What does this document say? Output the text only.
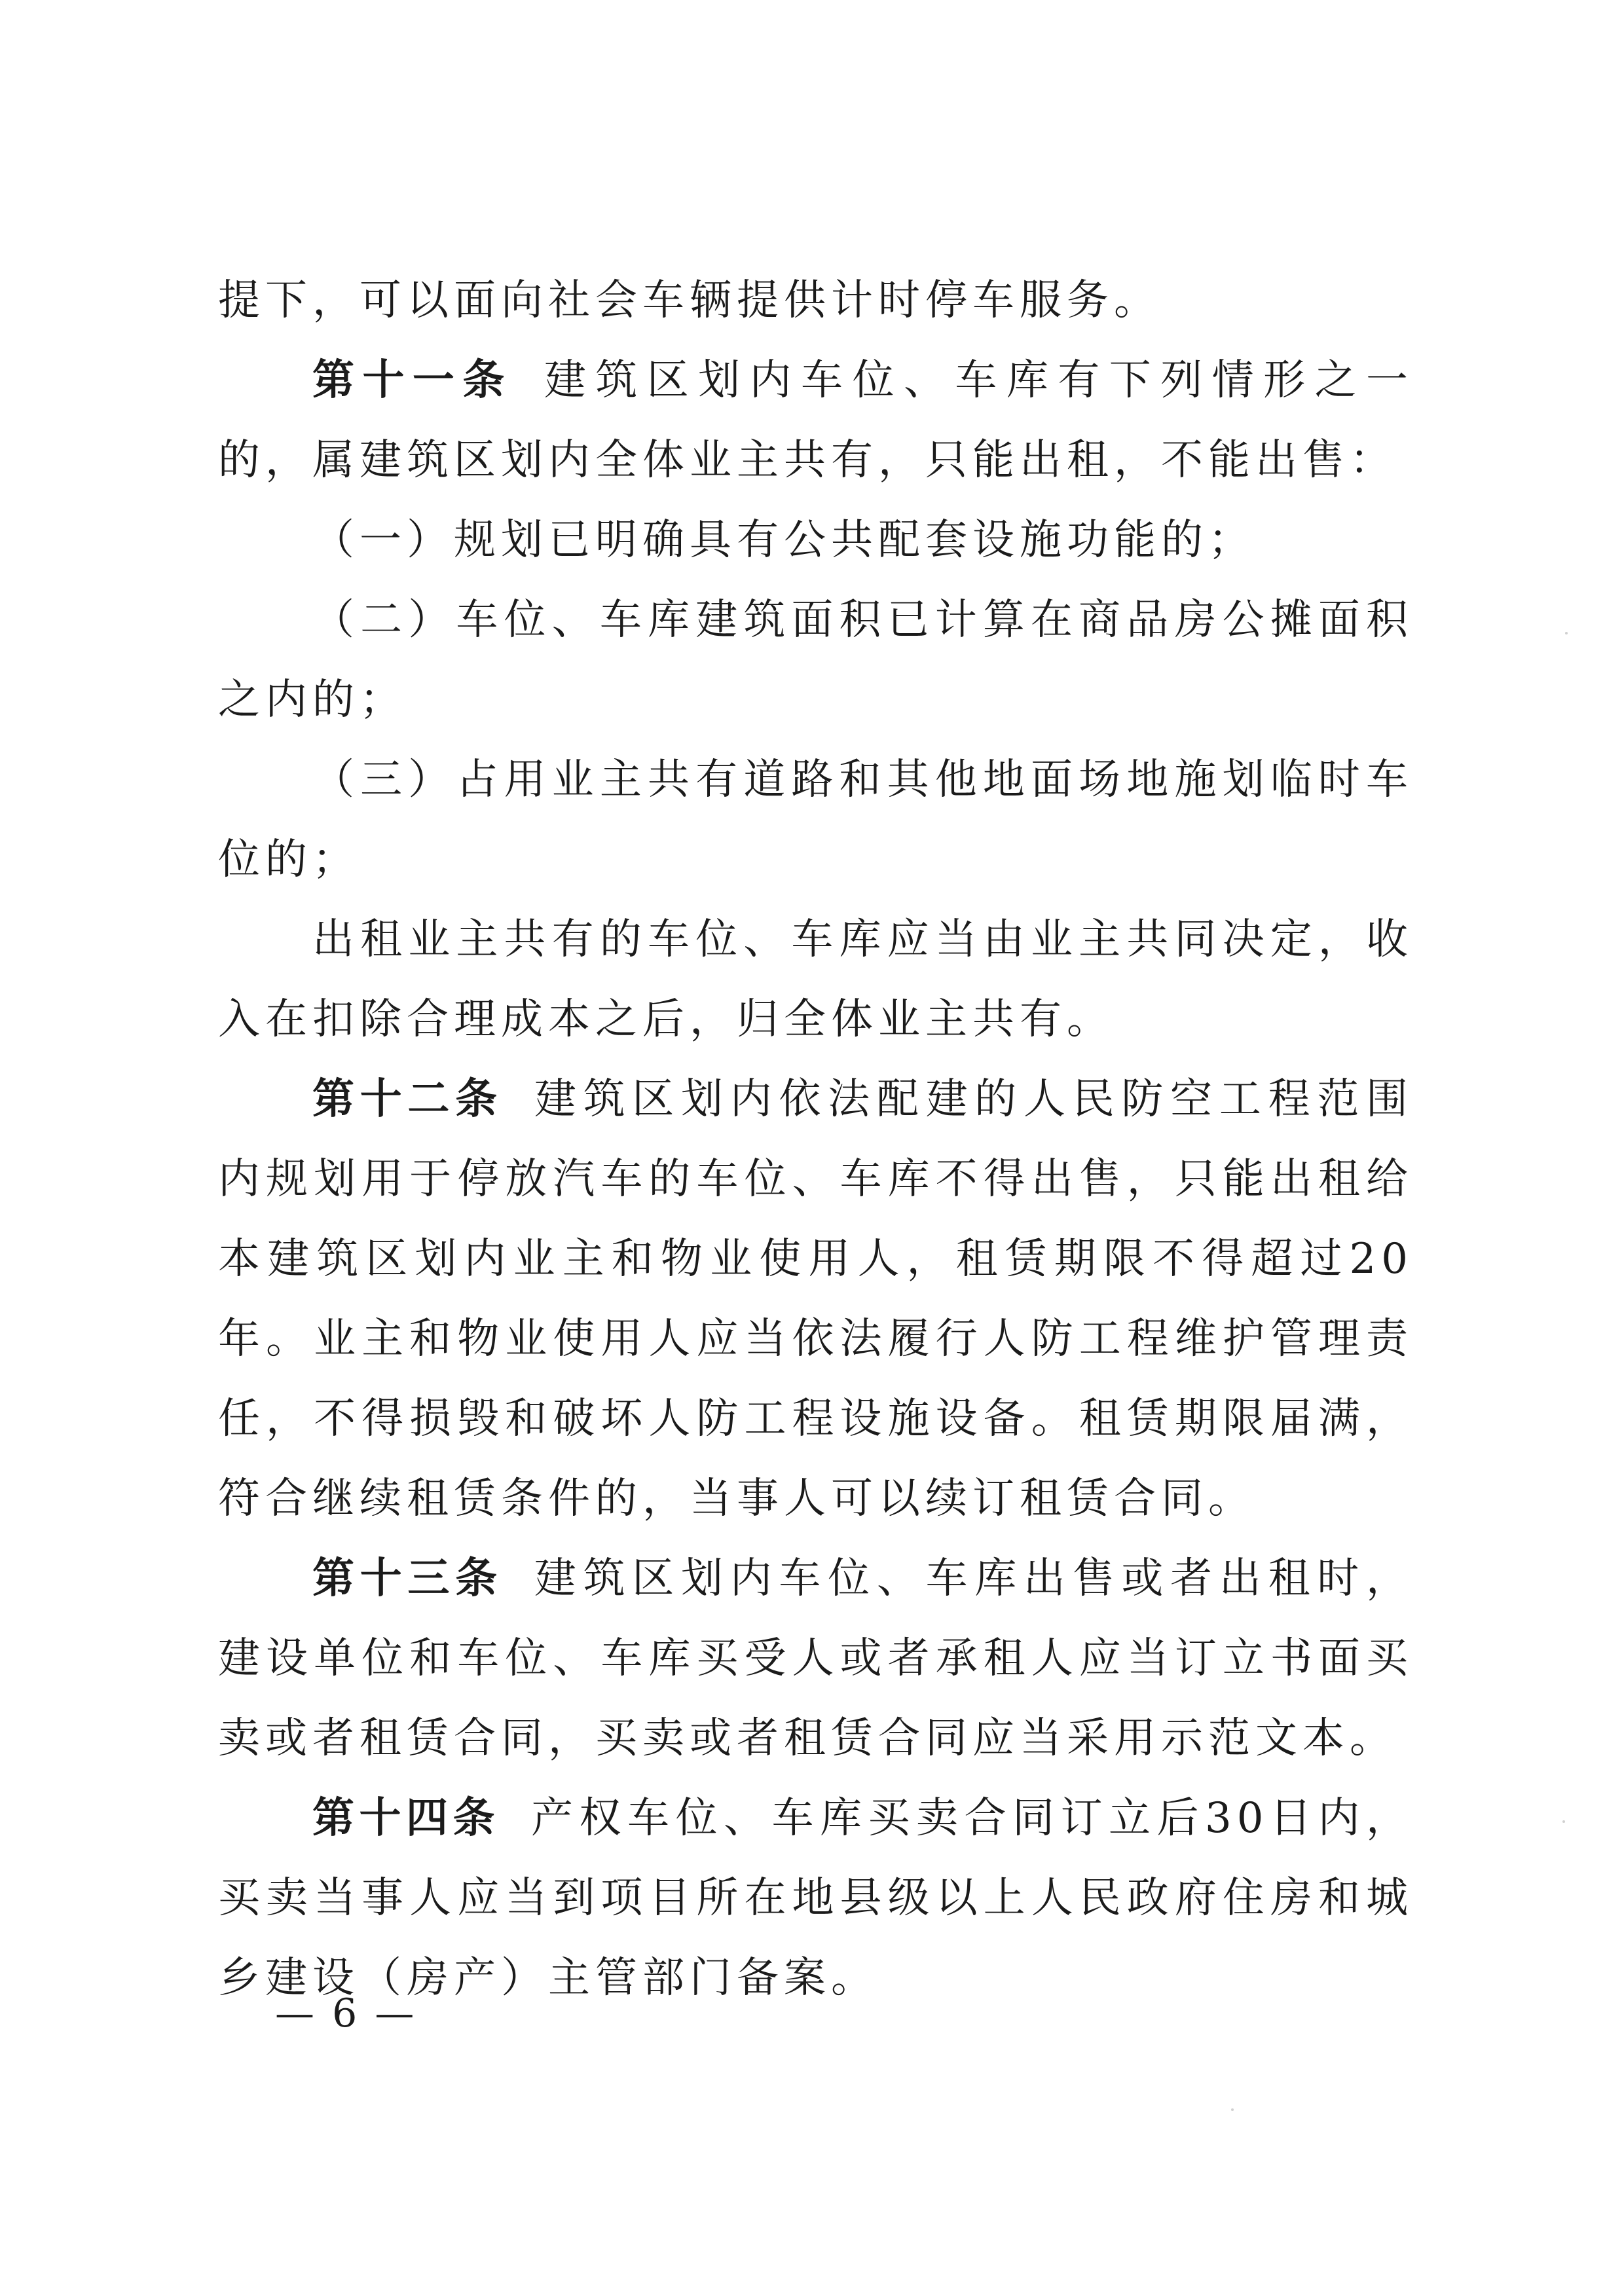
提下，可以面向社会车辆提供计时停车服务。

第十一条 建筑区划内车位、车库有下列情形之一的，属建筑区划内全体业主共有，只能出租，不能出售：

（一）规划已明确具有公共配套设施功能的；

（二）车位、车库建筑面积已计算在商品房公摊面积之内的；

（三）占用业主共有道路和其他地面场地施划临时车位的；

出租业主共有的车位、车库应当由业主共同决定，收入在扣除合理成本之后，归全体业主共有。

第十二条 建筑区划内依法配建的人民防空工程范围内规划用于停放汽车的车位、车库不得出售，只能出租给本建筑区划内业主和物业使用人，租赁期限不得超过20年。业主和物业使用人应当依法履行人防工程维护管理责任，不得损毁和破坏人防工程设施设备。租赁期限届满，符合继续租赁条件的，当事人可以续订租赁合同。

第十三条 建筑区划内车位、车库出售或者出租时，建设单位和车位、车库买受人或者承租人应当订立书面买卖或者租赁合同，买卖或者租赁合同应当采用示范文本。

第十四条 产权车位、车库买卖合同订立后30日内，买卖当事人应当到项目所在地县级以上人民政府住房和城乡建设（房产）主管部门备案。

— 6 —
